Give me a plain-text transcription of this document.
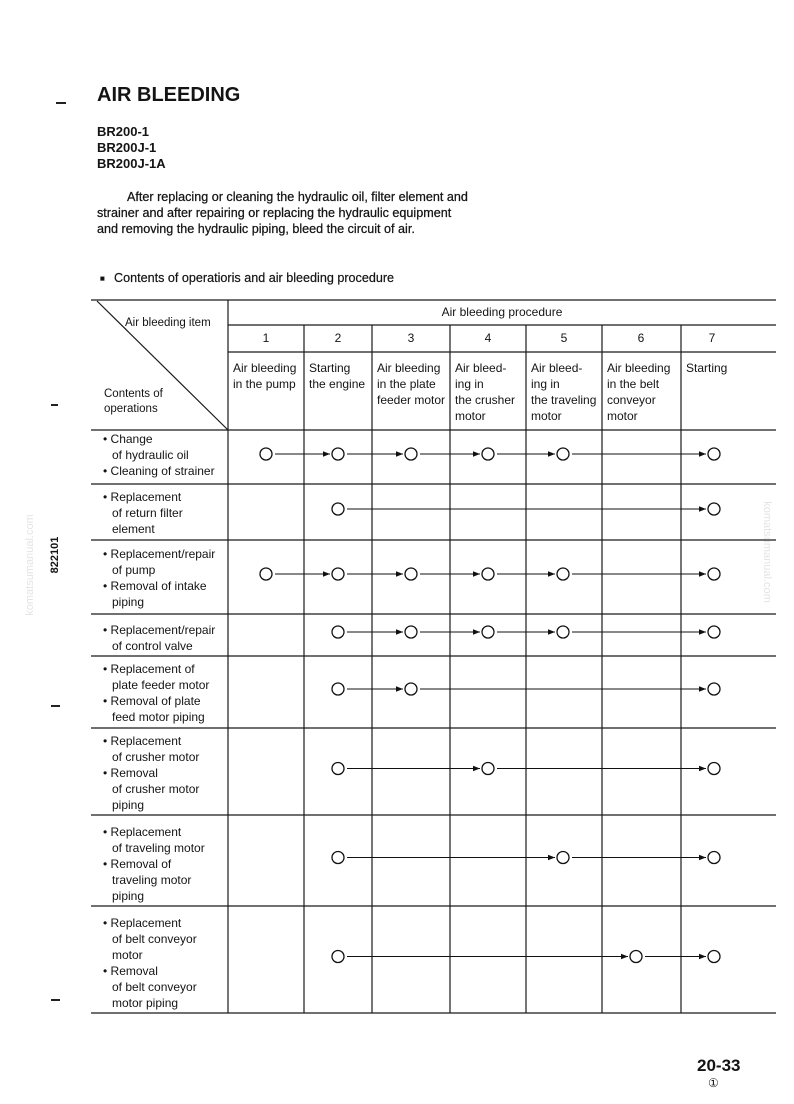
komatsumanual.com	komatsumanual.com
822101
AIR BLEEDING
BR200-1
BR200J-1
BR200J-1A
After replacing or cleaning the hydraulic oil, filter element and
strainer and after repairing or replacing the hydraulic equipment
and removing the hydraulic piping, bleed the circuit of air.
■ Contents of operatioris and air bleeding procedure
Air bleeding item
Contents of
operations
Air bleeding procedure
1
Air bleeding
in the pump
2
Starting
the engine
3
Air bleeding
in the plate
feeder motor
4
Air bleed-
ing in
the crusher
motor
5
Air bleed-
ing in
the traveling
motor
6
Air bleeding
in the belt
conveyor
motor
7
Starting
• Change
of hydraulic oil
• Cleaning of strainer
• Replacement
of return filter
element
• Replacement/repair
of pump
• Removal of intake
piping
• Replacement/repair
of control valve
• Replacement of
plate feeder motor
• Removal of plate
feed motor piping
• Replacement
of crusher motor
• Removal
of crusher motor
piping
• Replacement
of traveling motor
• Removal of
traveling motor
piping
• Replacement
of belt conveyor
motor
• Removal
of belt conveyor
motor piping
20-33
①
